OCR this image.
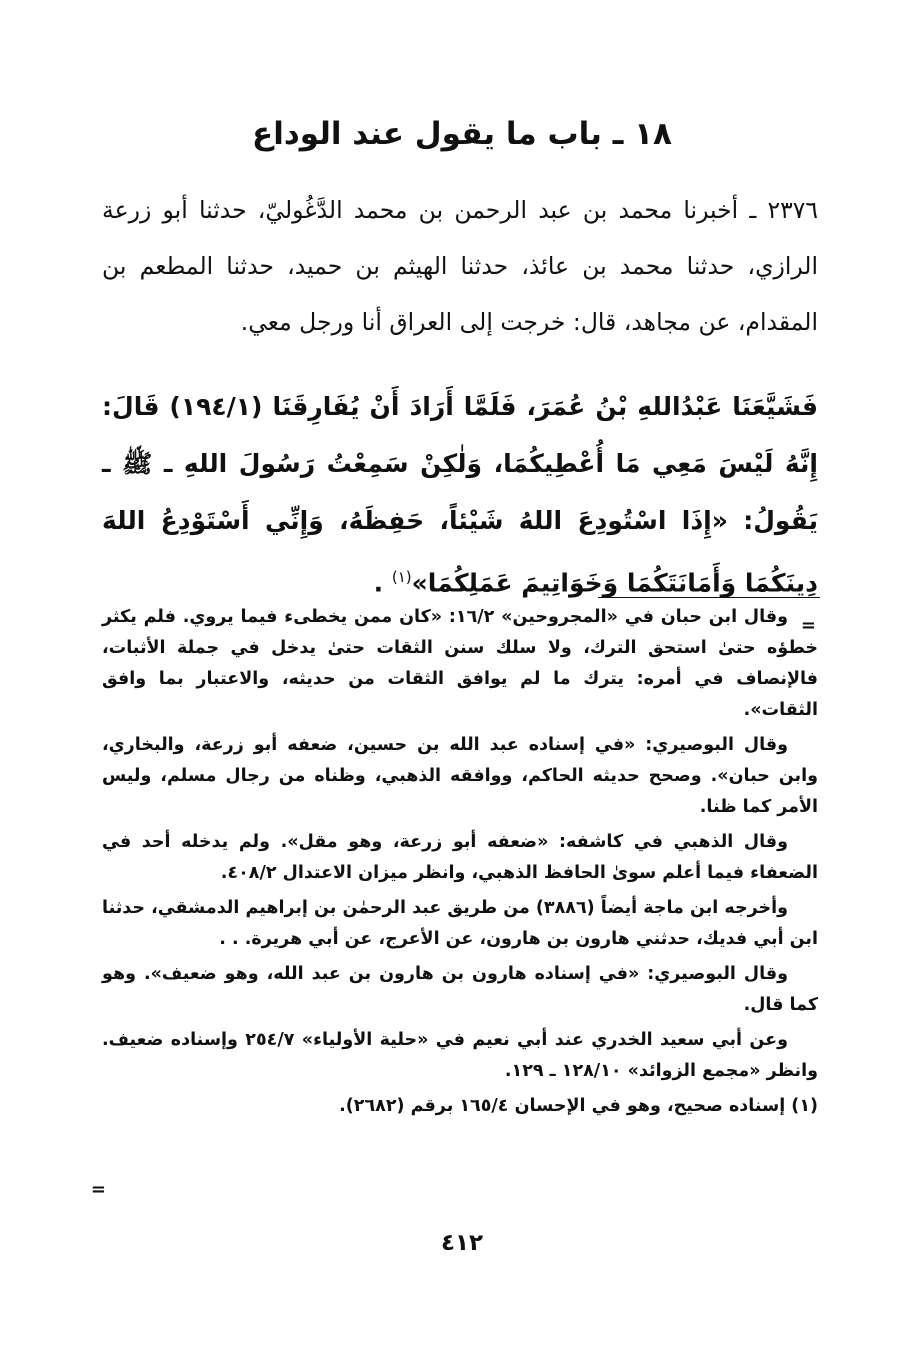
١٨ ـ باب ما يقول عند الوداع

٢٣٧٦ ـ أخبرنا محمد بن عبد الرحمن بن محمد الدَّغُوليّ، حدثنا أبو زرعة الرازي، حدثنا محمد بن عائذ، حدثنا الهيثم بن حميد، حدثنا المطعم بن المقدام، عن مجاهد، قال: خرجت إلى العراق أنا ورجل معي.

فَشَيَّعَنَا عَبْدُاللهِ بْنُ عُمَرَ، فَلَمَّا أَرَادَ أَنْ يُفَارِقَنَا (١٩٤/١) قَالَ: إِنَّهُ لَيْسَ مَعِي مَا أُعْطِيكُمَا، وَلٰكِنْ سَمِعْتُ رَسُولَ اللهِ ـ ﷺ ـ يَقُولُ: «إِذَا اسْتُودِعَ اللهُ شَيْئاً، حَفِظَهُ، وَإِنِّي أَسْتَوْدِعُ اللهَ دِينَكُمَا وَأَمَانَتَكُمَا وَخَوَاتِيمَ عَمَلِكُمَا»$^{(١)}$ .

=

وقال ابن حبان في «المجروحين» ١٦/٢: «كان ممن يخطىء فيما يروي. فلم يكثر خطؤه حتىٰ استحق الترك، ولا سلك سنن الثقات حتىٰ يدخل في جملة الأثبات، فالإنصاف في أمره: يترك ما لم يوافق الثقات من حديثه، والاعتبار بما وافق الثقات».

وقال البوصيري: «في إسناده عبد الله بن حسين، ضعفه أبو زرعة، والبخاري، وابن حبان». وصحح حديثه الحاكم، ووافقه الذهبي، وظناه من رجال مسلم، وليس الأمر كما ظنا.

وقال الذهبي في كاشفه: «ضعفه أبو زرعة، وهو مقل». ولم يدخله أحد في الضعفاء فيما أعلم سوىٰ الحافظ الذهبي، وانظر ميزان الاعتدال ٤٠٨/٢.

وأخرجه ابن ماجة أيضاً (٣٨٨٦) من طريق عبد الرحمٰن بن إبراهيم الدمشقي، حدثنا ابن أبي فديك، حدثني هارون بن هارون، عن الأعرج، عن أبي هريرة. . .

وقال البوصيري: «في إسناده هارون بن هارون بن عبد الله، وهو ضعيف». وهو كما قال.

وعن أبي سعيد الخدري عند أبي نعيم في «حلية الأولياء» ٢٥٤/٧ وإسناده ضعيف. وانظر «مجمع الزوائد» ١٢٨/١٠ ـ ١٢٩.

(١) إسناده صحيح، وهو في الإحسان ١٦٥/٤ برقم (٢٦٨٢).

=
٤١٢
